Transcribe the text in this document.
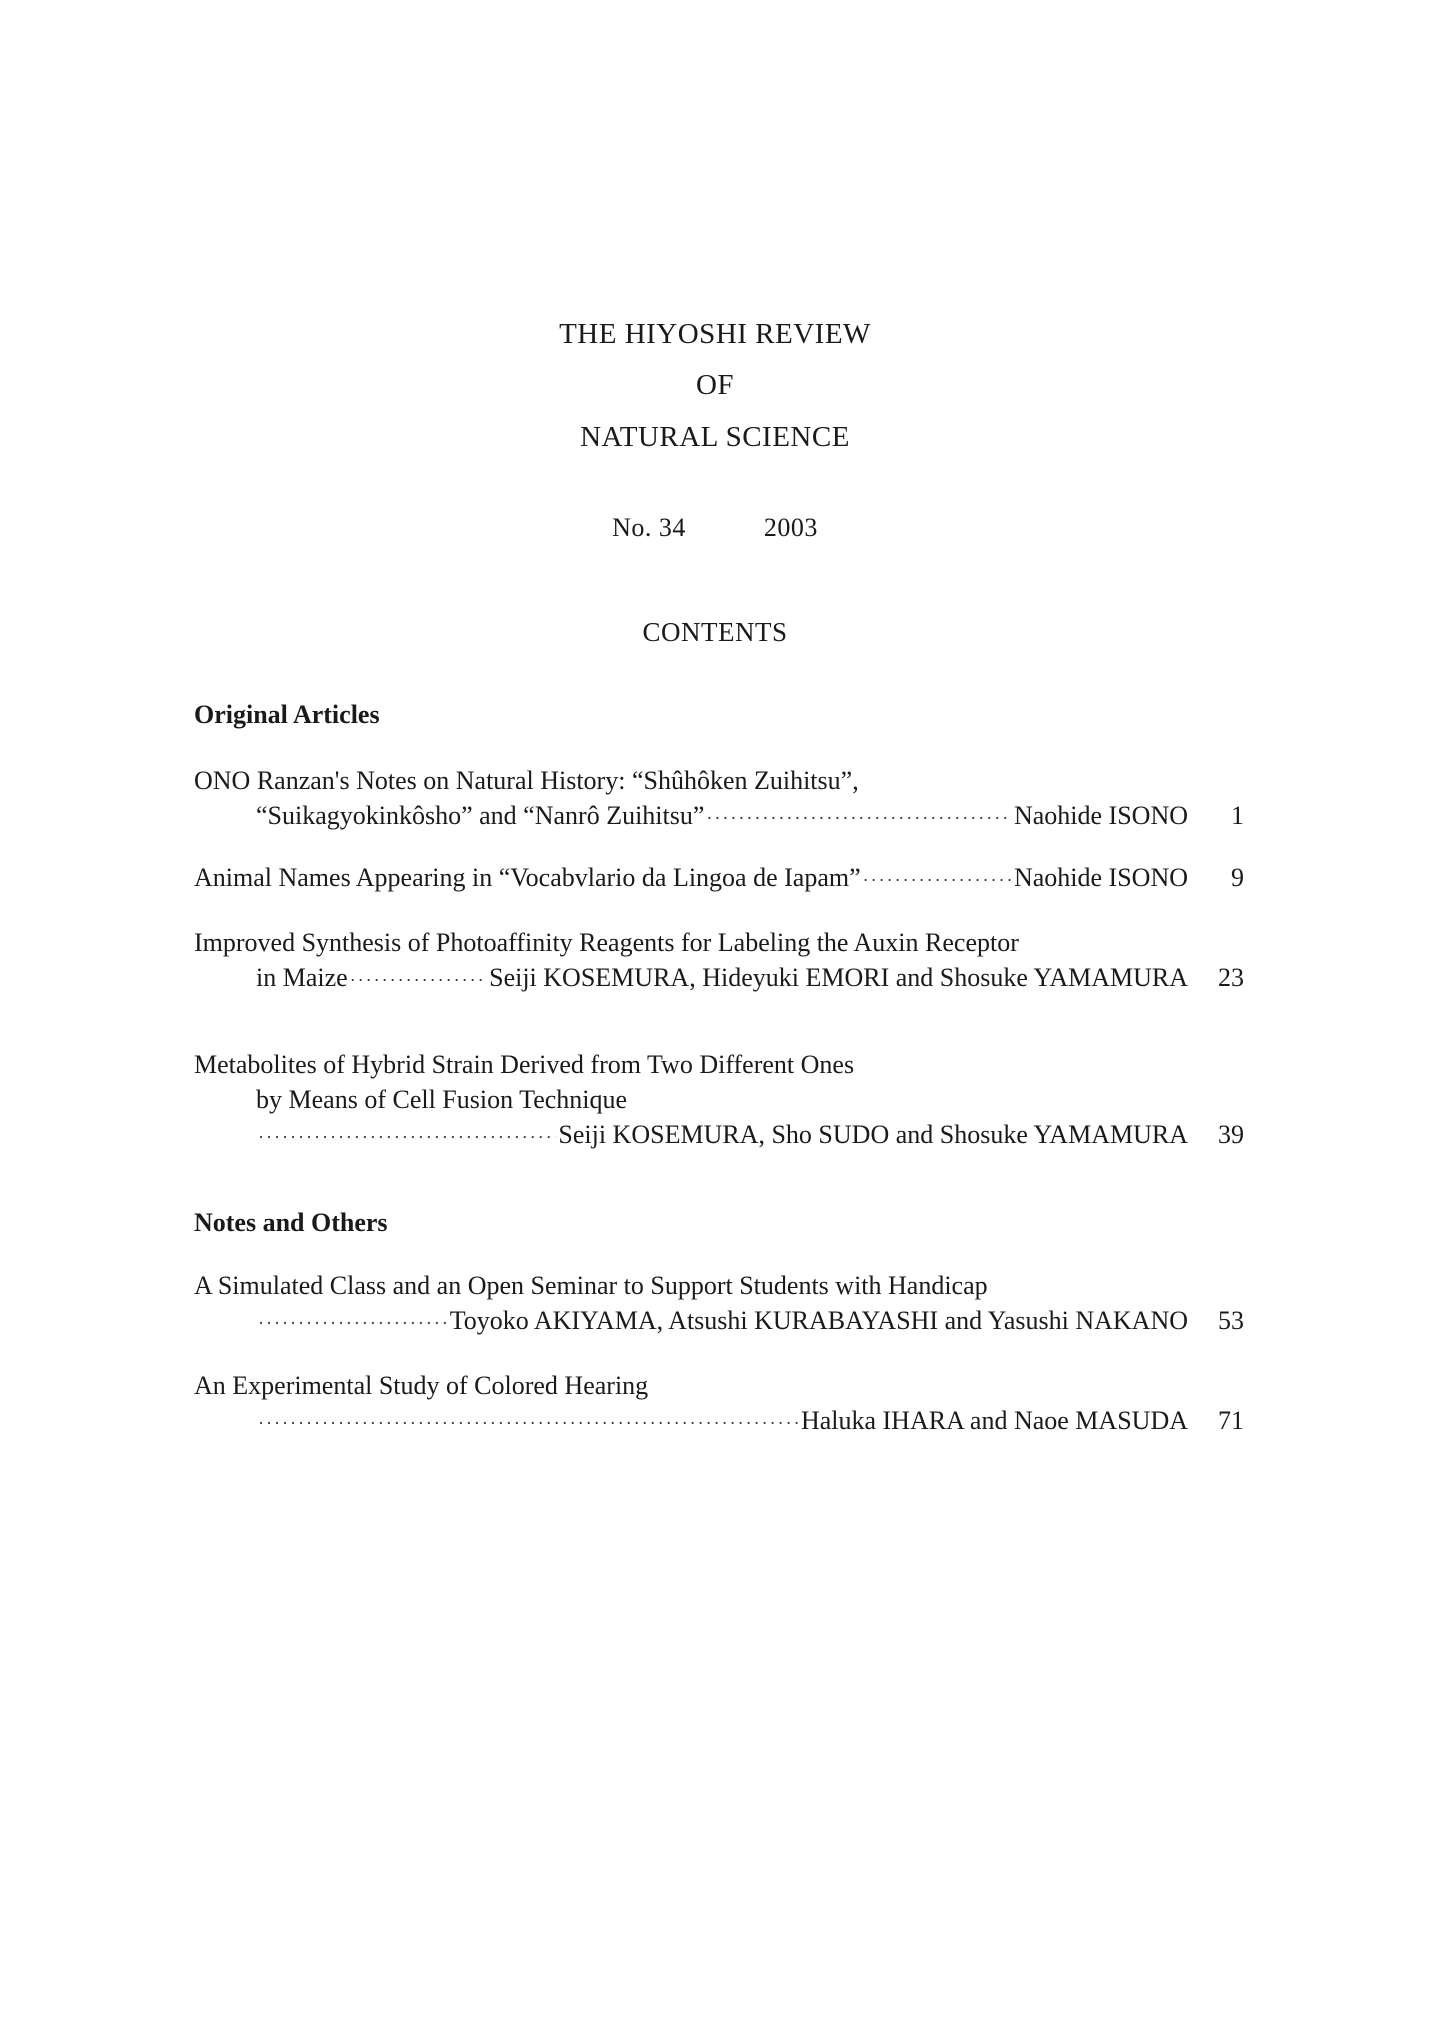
THE HIYOSHI REVIEW
OF
NATURAL SCIENCE
No. 34	2003
CONTENTS
Original Articles
ONO Ranzan's Notes on Natural History: “Shûhôken Zuihitsu”,
“Suikagyokinkôsho” and “Nanrô Zuihitsu” ·····	Naohide ISONO	1
Animal Names Appearing in “Vocabvlario da Lingoa de Iapam” ·····	Naohide ISONO	9
Improved Synthesis of Photoaffinity Reagents for Labeling the Auxin Receptor
in Maize ·····	Seiji KOSEMURA, Hideyuki EMORI and Shosuke YAMAMURA	23
Metabolites of Hybrid Strain Derived from Two Different Ones
by Means of Cell Fusion Technique
·····
Seiji KOSEMURA, Sho SUDO and Shosuke YAMAMURA	39
Notes and Others
A Simulated Class and an Open Seminar to Support Students with Handicap
·····
Toyoko AKIYAMA, Atsushi KURABAYASHI and Yasushi NAKANO	53
An Experimental Study of Colored Hearing
·····
Haluka IHARA and Naoe MASUDA	71
